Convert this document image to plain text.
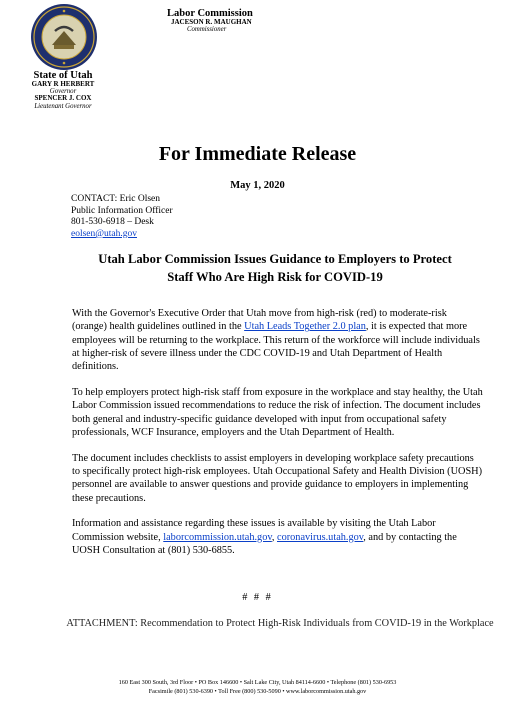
State of Utah
GARY R HERBERT
Governor
SPENCER J. COX
Lieutenant Governor
Labor Commission
JACESON R. MAUGHAN
Commissioner
For Immediate Release
May 1, 2020
CONTACT: Eric Olsen
Public Information Officer
801-530-6918 – Desk
eolsen@utah.gov
Utah Labor Commission Issues Guidance to Employers to Protect
Staff Who Are High Risk for COVID-19

With the Governor's Executive Order that Utah move from high-risk (red) to moderate-risk (orange) health guidelines outlined in the Utah Leads Together 2.0 plan, it is expected that more employees will be returning to the workplace. This return of the workforce will include individuals at higher-risk of severe illness under the CDC COVID-19 and Utah Department of Health definitions.

To help employers protect high-risk staff from exposure in the workplace and stay healthy, the Utah Labor Commission issued recommendations to reduce the risk of infection. The document includes both general and industry-specific guidance developed with input from occupational safety professionals, WCF Insurance, employers and the Utah Department of Health.

The document includes checklists to assist employers in developing workplace safety precautions to specifically protect high-risk employees. Utah Occupational Safety and Health Division (UOSH) personnel are available to answer questions and provide guidance to employers in implementing these precautions.

Information and assistance regarding these issues is available by visiting the Utah Labor Commission website, laborcommission.utah.gov, coronavirus.utah.gov, and by contacting the UOSH Consultation at (801) 530-6855.

# # #
ATTACHMENT: Recommendation to Protect High-Risk Individuals from COVID-19 in the Workplace
160 East 300 South, 3rd Floor • PO Box 146600 • Salt Lake City, Utah 84114-6600 • Telephone (801) 530-6953
Facsimile (801) 530-6390 • Toll Free (800) 530-5090 • www.laborcommission.utah.gov
